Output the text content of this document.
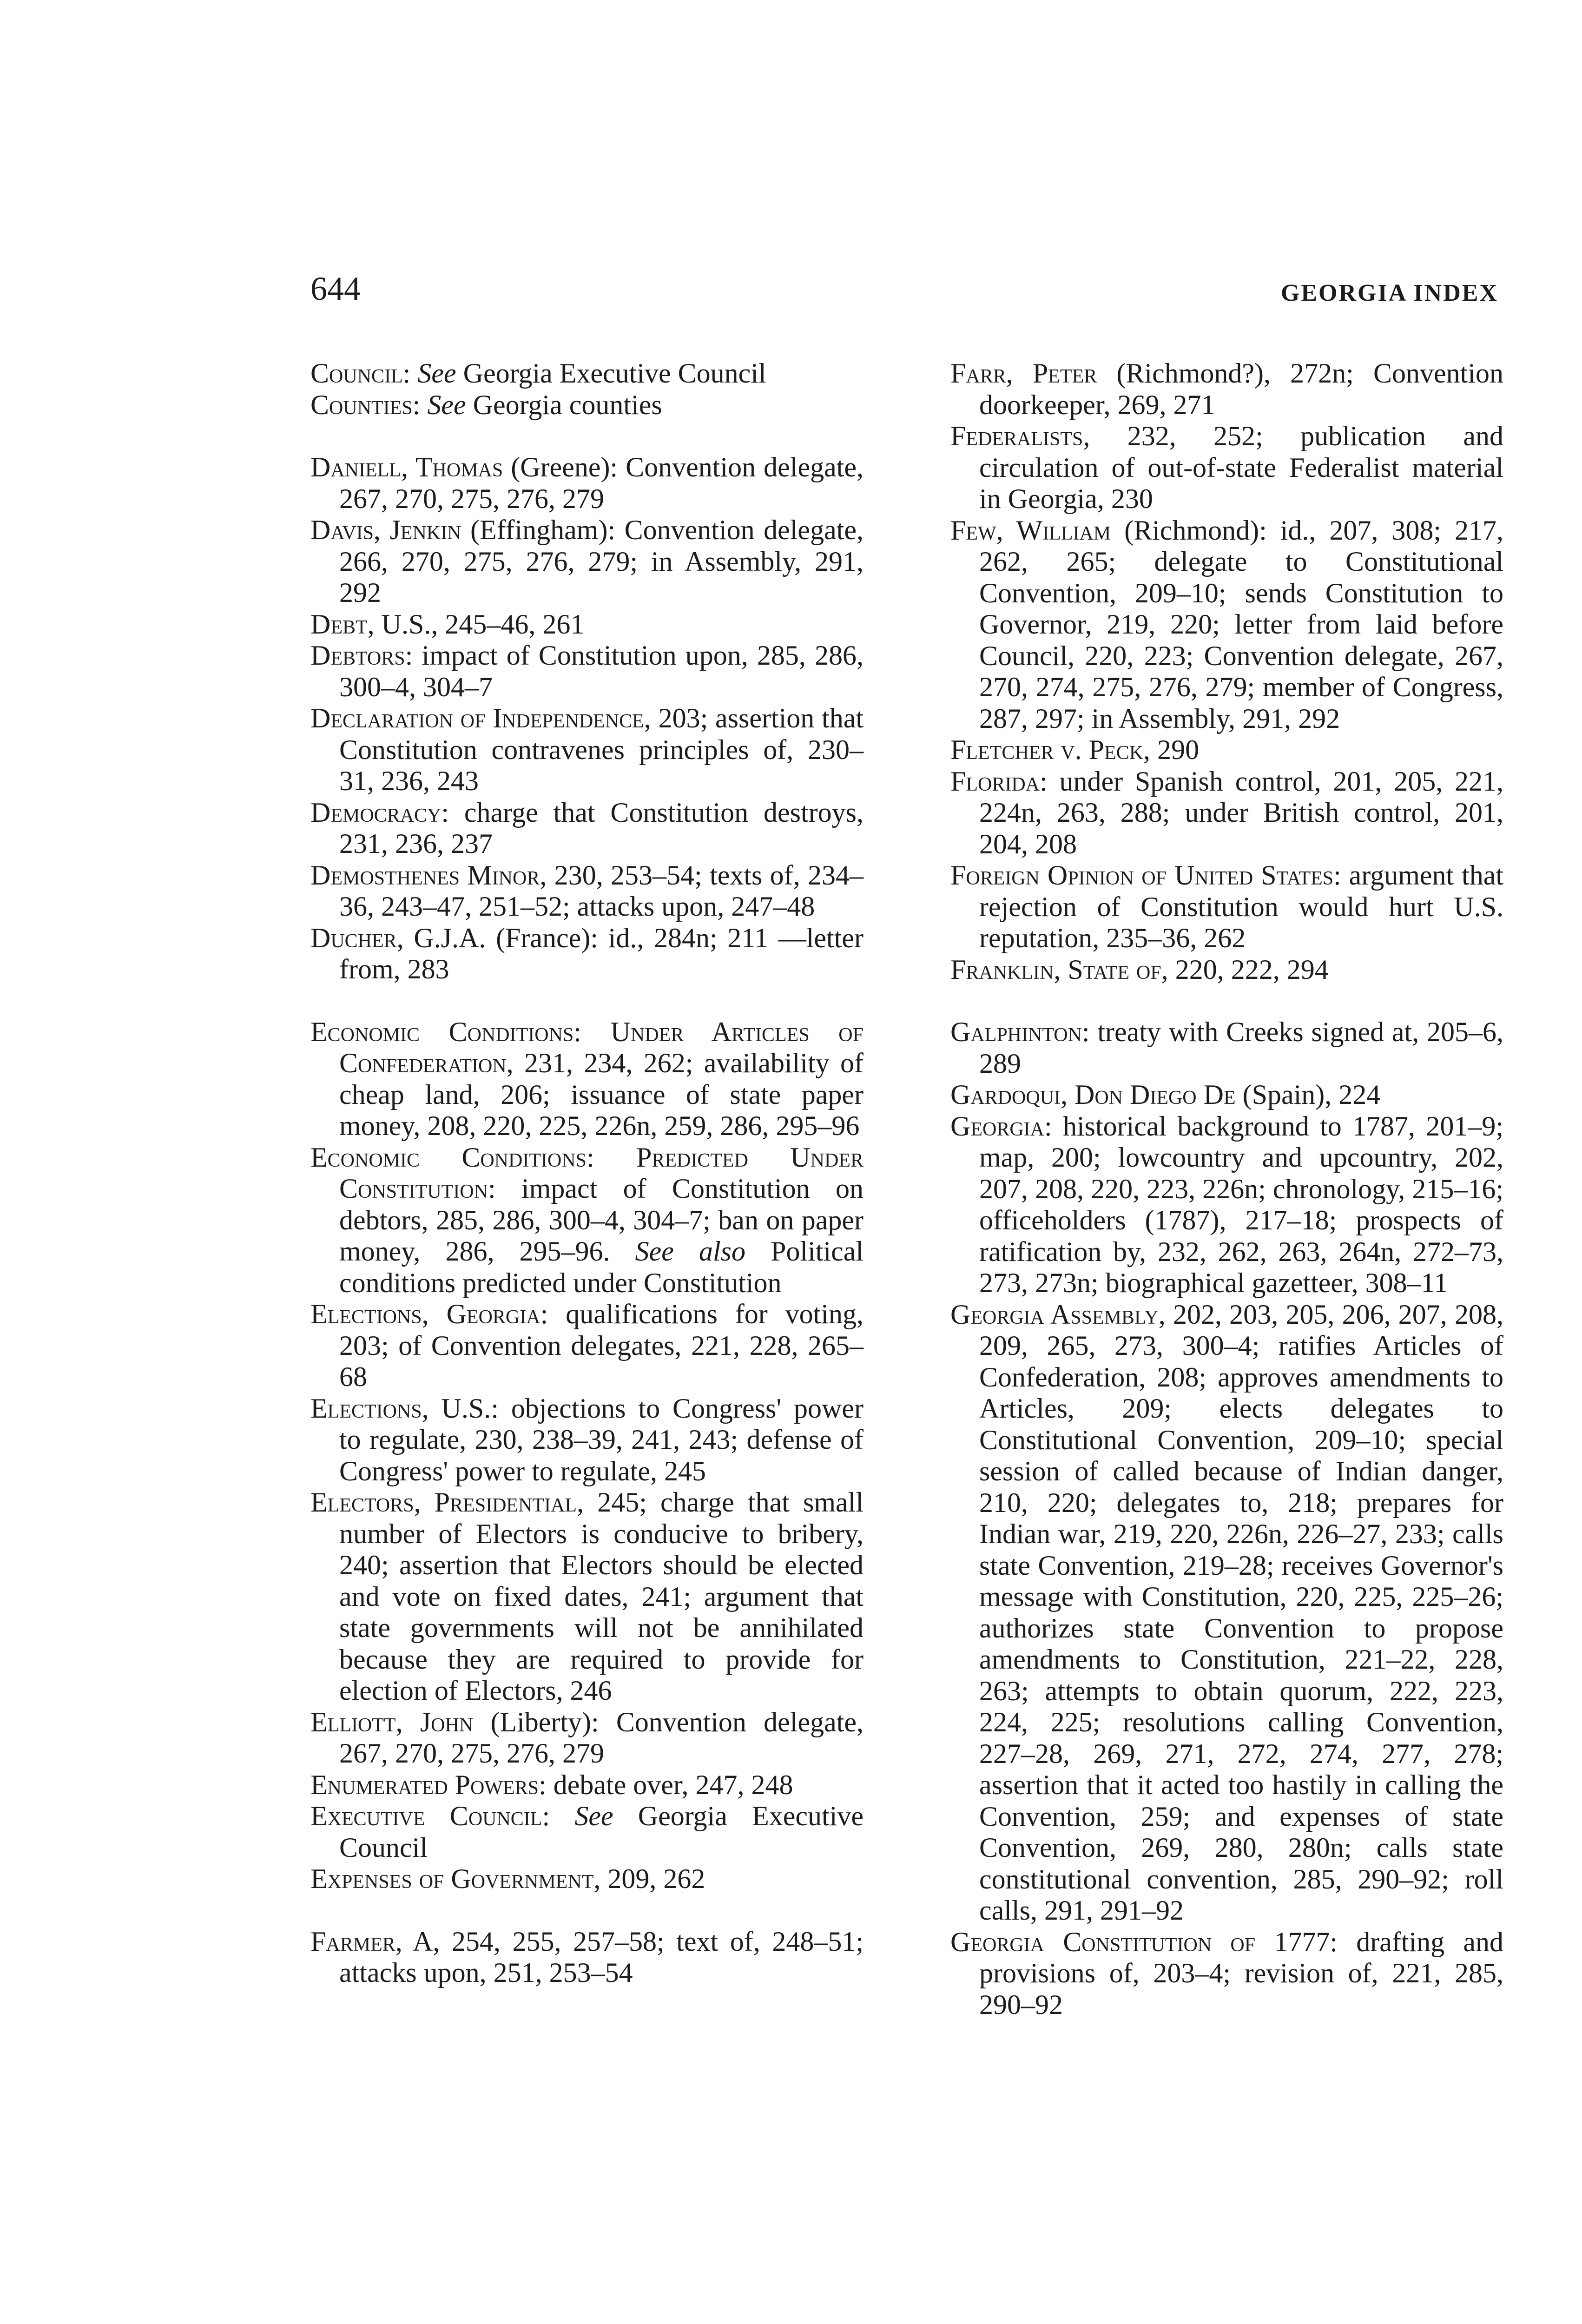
644	GEORGIA INDEX

Council: See Georgia Executive Council

Counties: See Georgia counties

Daniell, Thomas (Greene): Convention delegate, 267, 270, 275, 276, 279

Davis, Jenkin (Effingham): Convention delegate, 266, 270, 275, 276, 279; in Assembly, 291, 292

Debt, U.S., 245–46, 261

Debtors: impact of Constitution upon, 285, 286, 300–4, 304–7

Declaration of Independence, 203; assertion that Constitution contravenes principles of, 230–31, 236, 243

Democracy: charge that Constitution destroys, 231, 236, 237

Demosthenes Minor, 230, 253–54; texts of, 234–36, 243–47, 251–52; attacks upon, 247–48

Ducher, G.J.A. (France): id., 284n; 211 —letter from, 283

Economic Conditions: Under Articles of Confederation, 231, 234, 262; availability of cheap land, 206; issuance of state paper money, 208, 220, 225, 226n, 259, 286, 295–96

Economic Conditions: Predicted Under Constitution: impact of Constitution on debtors, 285, 286, 300–4, 304–7; ban on paper money, 286, 295–96. See also Political conditions predicted under Constitution

Elections, Georgia: qualifications for voting, 203; of Convention delegates, 221, 228, 265–68

Elections, U.S.: objections to Congress' power to regulate, 230, 238–39, 241, 243; defense of Congress' power to regulate, 245

Electors, Presidential, 245; charge that small number of Electors is conducive to bribery, 240; assertion that Electors should be elected and vote on fixed dates, 241; argument that state governments will not be annihilated because they are required to provide for election of Electors, 246

Elliott, John (Liberty): Convention delegate, 267, 270, 275, 276, 279

Enumerated Powers: debate over, 247, 248

Executive Council: See Georgia Executive Council

Expenses of Government, 209, 262

Farmer, A, 254, 255, 257–58; text of, 248–51; attacks upon, 251, 253–54

Farr, Peter (Richmond?), 272n; Convention doorkeeper, 269, 271

Federalists, 232, 252; publication and circulation of out-of-state Federalist material in Georgia, 230

Few, William (Richmond): id., 207, 308; 217, 262, 265; delegate to Constitutional Convention, 209–10; sends Constitution to Governor, 219, 220; letter from laid before Council, 220, 223; Convention delegate, 267, 270, 274, 275, 276, 279; member of Congress, 287, 297; in Assembly, 291, 292

Fletcher v. Peck, 290

Florida: under Spanish control, 201, 205, 221, 224n, 263, 288; under British control, 201, 204, 208

Foreign Opinion of United States: argument that rejection of Constitution would hurt U.S. reputation, 235–36, 262

Franklin, State of, 220, 222, 294

Galphinton: treaty with Creeks signed at, 205–6, 289

Gardoqui, Don Diego De (Spain), 224

Georgia: historical background to 1787, 201–9; map, 200; lowcountry and upcountry, 202, 207, 208, 220, 223, 226n; chronology, 215–16; officeholders (1787), 217–18; prospects of ratification by, 232, 262, 263, 264n, 272–73, 273, 273n; biographical gazetteer, 308–11

Georgia Assembly, 202, 203, 205, 206, 207, 208, 209, 265, 273, 300–4; ratifies Articles of Confederation, 208; approves amendments to Articles, 209; elects delegates to Constitutional Convention, 209–10; special session of called because of Indian danger, 210, 220; delegates to, 218; prepares for Indian war, 219, 220, 226n, 226–27, 233; calls state Convention, 219–28; receives Governor's message with Constitution, 220, 225, 225–26; authorizes state Convention to propose amendments to Constitution, 221–22, 228, 263; attempts to obtain quorum, 222, 223, 224, 225; resolutions calling Convention, 227–28, 269, 271, 272, 274, 277, 278; assertion that it acted too hastily in calling the Convention, 259; and expenses of state Convention, 269, 280, 280n; calls state constitutional convention, 285, 290–92; roll calls, 291, 291–92

Georgia Constitution of 1777: drafting and provisions of, 203–4; revision of, 221, 285, 290–92
